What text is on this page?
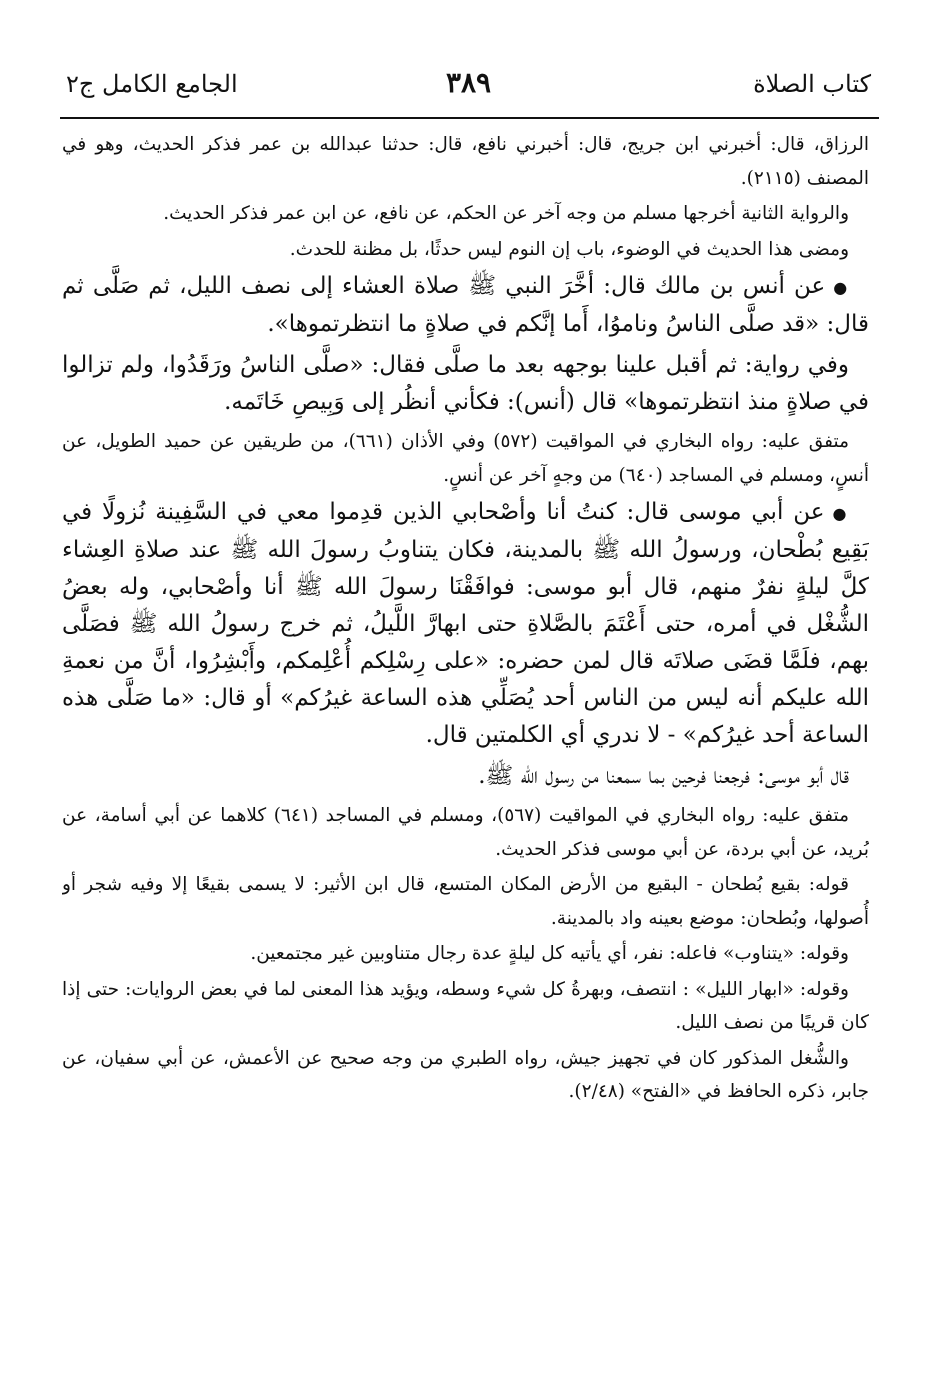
كتاب الصلاة
٣٨٩
الجامع الكامل ج٢

الرزاق، قال: أخبرني ابن جريج، قال: أخبرني نافع، قال: حدثنا عبدالله بن عمر فذكر الحديث، وهو في المصنف (٢١١٥).

والرواية الثانية أخرجها مسلم من وجه آخر عن الحكم، عن نافع، عن ابن عمر فذكر الحديث.

ومضى هذا الحديث في الوضوء، باب إن النوم ليس حدثًا، بل مظنة للحدث.

●عن أنس بن مالك قال: أخَّرَ النبي ﷺ صلاة العشاء إلى نصف الليل، ثم صَلَّى ثم قال: «قد صلَّى الناسُ وناموُا، أَما إنَّكم في صلاةٍ ما انتظرتموها».

وفي رواية: ثم أقبل علينا بوجهه بعد ما صلَّى فقال: «صلَّى الناسُ ورَقَدُوا، ولم تزالوا في صلاةٍ منذ انتظرتموها» قال (أنس): فكأني أنظُر إلى وَبِيصِ خَاتَمه.

متفق عليه: رواه البخاري في المواقيت (٥٧٢) وفي الأذان (٦٦١)، من طريقين عن حميد الطويل، عن أنسٍ، ومسلم في المساجد (٦٤٠) من وجهٍ آخر عن أنسٍ.

●عن أبي موسى قال: كنتُ أنا وأصْحابي الذين قدِموا معي في السَّفِينة نُزولًا في بَقِيع بُطْحان، ورسولُ الله ﷺ بالمدينة، فكان يتناوبُ رسولَ الله ﷺ عند صلاةِ العِشاء كلَّ ليلةٍ نفرٌ منهم، قال أبو موسى: فوافَقْنَا رسولَ الله ﷺ أنا وأصْحابي، وله بعضُ الشُّغْل في أمره، حتى أَعْتَمَ بالصَّلاةِ حتى ابهارَّ اللَّيلُ، ثم خرج رسولُ الله ﷺ فصَلَّى بهم، فلَمَّا قضَى صلاتَه قال لمن حضره: «على رِسْلِكم أُعْلِمكم، وأَبْشِرُوا، أنَّ من نعمةِ الله عليكم أنه ليس من الناس أحد يُصَلِّي هذه الساعة غيرُكم» أو قال: «ما صَلَّى هذه الساعة أحد غيرُكم» - لا ندري أي الكلمتين قال.

قال أبو موسى: فرجعنا فرحين بما سمعنا من رسول الله ﷺ.

متفق عليه: رواه البخاري في المواقيت (٥٦٧)، ومسلم في المساجد (٦٤١) كلاهما عن أبي أسامة، عن بُريد، عن أبي بردة، عن أبي موسى فذكر الحديث.

قوله: بقيع بُطحان - البقيع من الأرض المكان المتسع، قال ابن الأثير: لا يسمى بقيعًا إلا وفيه شجر أو أُصولها، وبُطحان: موضع بعينه واد بالمدينة.

وقوله: «يتناوب» فاعله: نفر، أي يأتيه كل ليلةٍ عدة رجال متناوبين غير مجتمعين.

وقوله: «ابهار الليل» : انتصف، وبهرةُ كل شيء وسطه، ويؤيد هذا المعنى لما في بعض الروايات: حتى إذا كان قريبًا من نصف الليل.

والشُّغل المذكور كان في تجهيز جيش، رواه الطبري من وجه صحيح عن الأعمش، عن أبي سفيان، عن جابر، ذكره الحافظ في «الفتح» (٢/٤٨).
